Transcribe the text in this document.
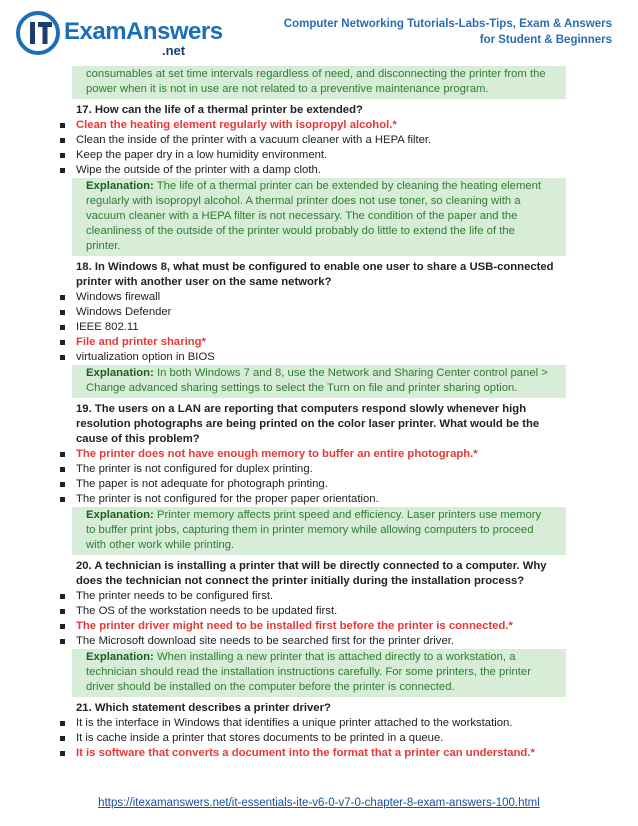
ExamAnswers
.net
Computer Networking Tutorials-Labs-Tips, Exam & Answers
for Student & Beginners
consumables at set time intervals regardless of need, and disconnecting the printer from the power when it is not in use are not related to a preventive maintenance program.
17. How can the life of a thermal printer be extended?
Clean the heating element regularly with isopropyl alcohol.*
Clean the inside of the printer with a vacuum cleaner with a HEPA filter.
Keep the paper dry in a low humidity environment.
Wipe the outside of the printer with a damp cloth.
Explanation: The life of a thermal printer can be extended by cleaning the heating element regularly with isopropyl alcohol. A thermal printer does not use toner, so cleaning with a vacuum cleaner with a HEPA filter is not necessary. The condition of the paper and the cleanliness of the outside of the printer would probably do little to extend the life of the printer.
18. In Windows 8, what must be configured to enable one user to share a USB-connected printer with another user on the same network?
Windows firewall
Windows Defender
IEEE 802.11
File and printer sharing*
virtualization option in BIOS
Explanation: In both Windows 7 and 8, use the Network and Sharing Center control panel > Change advanced sharing settings to select the Turn on file and printer sharing option.
19. The users on a LAN are reporting that computers respond slowly whenever high resolution photographs are being printed on the color laser printer. What would be the cause of this problem?
The printer does not have enough memory to buffer an entire photograph.*
The printer is not configured for duplex printing.
The paper is not adequate for photograph printing.
The printer is not configured for the proper paper orientation.
Explanation: Printer memory affects print speed and efficiency. Laser printers use memory to buffer print jobs, capturing them in printer memory while allowing computers to proceed with other work while printing.
20. A technician is installing a printer that will be directly connected to a computer. Why does the technician not connect the printer initially during the installation process?
The printer needs to be configured first.
The OS of the workstation needs to be updated first.
The printer driver might need to be installed first before the printer is connected.*
The Microsoft download site needs to be searched first for the printer driver.
Explanation: When installing a new printer that is attached directly to a workstation, a technician should read the installation instructions carefully. For some printers, the printer driver should be installed on the computer before the printer is connected.
21. Which statement describes a printer driver?
It is the interface in Windows that identifies a unique printer attached to the workstation.
It is cache inside a printer that stores documents to be printed in a queue.
It is software that converts a document into the format that a printer can understand.*
https://itexamanswers.net/it-essentials-ite-v6-0-v7-0-chapter-8-exam-answers-100.html
